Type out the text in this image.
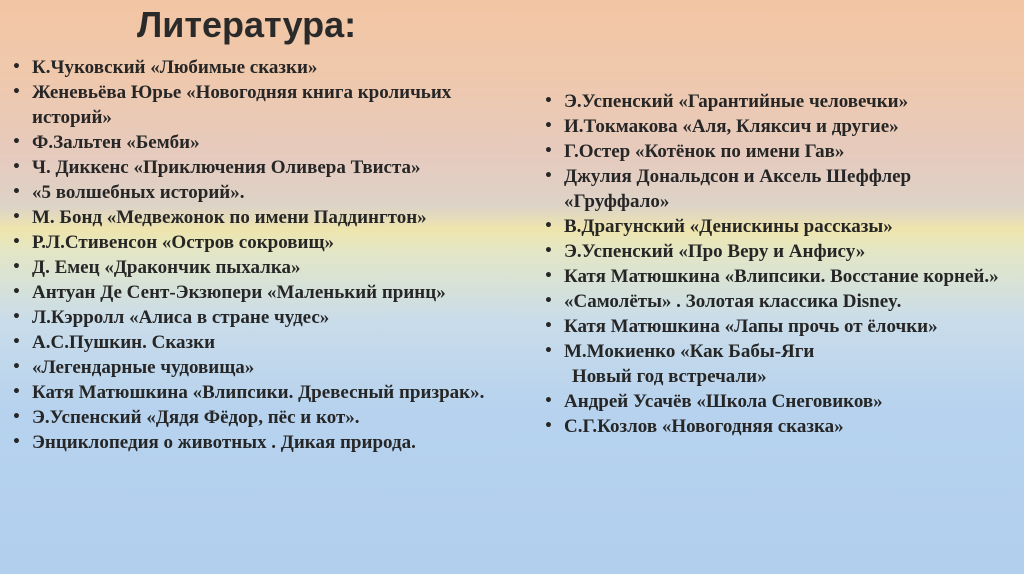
Литература:
• К.Чуковский «Любимые сказки»
• Женевьёва Юрье «Новогодняя книга кроличьих историй»
• Ф.Зальтен «Бемби»
• Ч. Диккенс «Приключения Оливера Твиста»
• «5 волшебных историй».
• М. Бонд «Медвежонок по имени Паддингтон»
• Р.Л.Стивенсон «Остров сокровищ»
• Д. Емец «Дракончик пыхалка»
• Антуан Де Сент-Экзюпери «Маленький принц»
• Л.Кэрролл «Алиса в стране чудес»
• А.С.Пушкин. Сказки
• «Легендарные чудовища»
• Катя Матюшкина «Влипсики. Древесный призрак».
• Э.Успенский «Дядя Фёдор, пёс и кот».
• Энциклопедия о животных . Дикая природа.
• Э.Успенский «Гарантийные человечки»
• И.Токмакова «Аля, Кляксич и другие»
• Г.Остер «Котёнок по имени Гав»
• Джулия Дональдсон и Аксель Шеффлер «Груффало»
• В.Драгунский «Денискины рассказы»
• Э.Успенский «Про Веру и Анфису»
• Катя Матюшкина «Влипсики. Восстание корней.»
• «Самолёты» . Золотая классика Disney.
• Катя Матюшкина «Лапы прочь от ёлочки»
• М.Мокиенко «Как Бабы-Яги
Новый год встречали»
• Андрей Усачёв «Школа Снеговиков»
• С.Г.Козлов «Новогодняя сказка»
